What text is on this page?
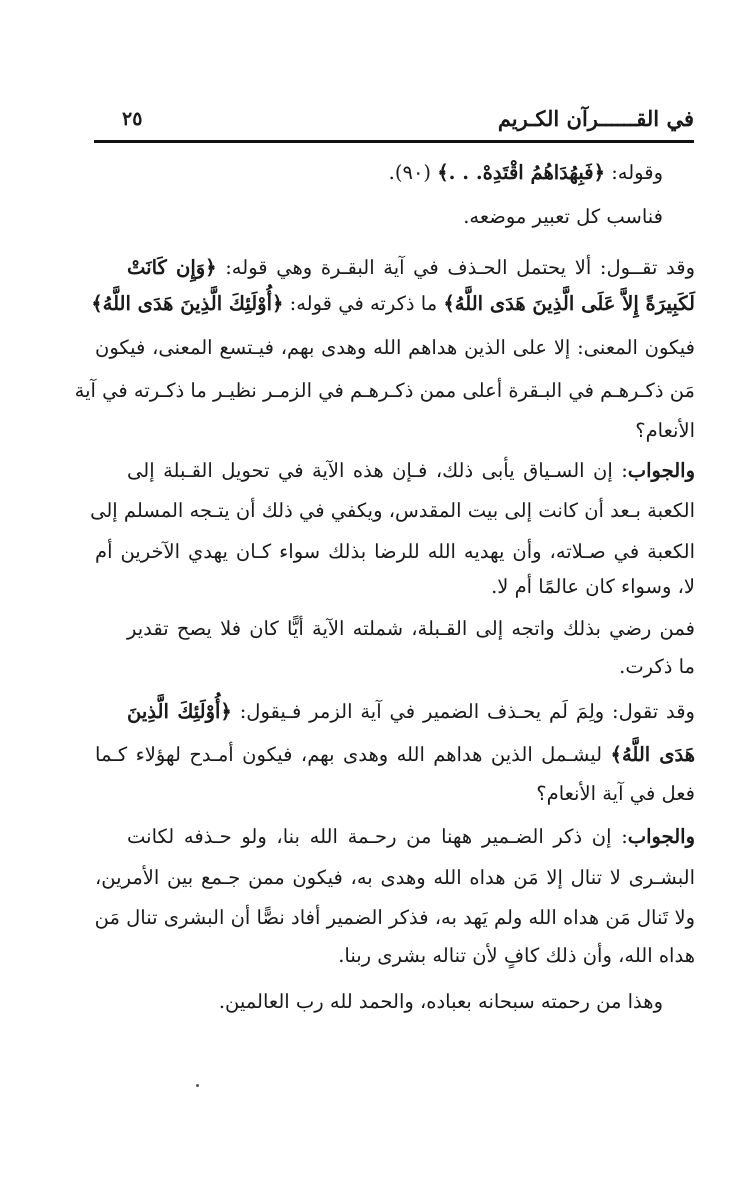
في القــــــرآن الكـريم
٢٥
وقوله: ﴿فَبِهُدَاهُمُ اقْتَدِهْ. . .﴾ (٩٠).
فناسب كل تعبير موضعه.
وقد تقــول: ألا يحتمل الحـذف في آية البقـرة وهي قوله: ﴿وَإِن كَانَتْ
لَكَبِيرَةً إِلاَّ عَلَى الَّذِينَ هَدَى اللَّهُ﴾ ما ذكرته في قوله: ﴿أُوْلَئِكَ الَّذِينَ هَدَى اللَّهُ﴾
فيكون المعنى: إلا على الذين هداهم الله وهدى بهم، فيـتسع المعنى، فيكون
مَن ذكـرهـم في البـقرة أعلى ممن ذكـرهـم في الزمـر نظيـر ما ذكـرته في آية
الأنعام؟
والجواب: إن السـياق يأبى ذلك، فـإن هذه الآية في تحويل القـبلة إلى
الكعبة بـعد أن كانت إلى بيت المقدس، ويكفي في ذلك أن يتـجه المسلم إلى
الكعبة في صـلاته، وأن يهديه الله للرضا بذلك سواء كـان يهدي الآخرين أم
لا، وسواء كان عالمًا أم لا.
فمن رضي بذلك واتجه إلى القـبلة، شملته الآية أيًّا كان فلا يصح تقدير
ما ذكرت.
وقد تقول: ولِمَ لَم يحـذف الضمير في آية الزمر فـيقول: ﴿أُوْلَئِكَ الَّذِينَ
هَدَى اللَّهُ﴾ ليشـمل الذين هداهم الله وهدى بهم، فيكون أمـدح لهؤلاء كـما
فعل في آية الأنعام؟
والجواب: إن ذكر الضـمير ههنا من رحـمة الله بنا، ولو حـذفه لكانت
البشـرى لا تنال إلا مَن هداه الله وهدى به، فيكون ممن جـمع بين الأمرين،
ولا تَنال مَن هداه الله ولم يَهد به، فذكر الضمير أفاد نصًّا أن البشرى تنال مَن
هداه الله، وأن ذلك كافٍ لأن تناله بشرى ربنا.
وهذا من رحمته سبحانه بعباده، والحمد لله رب العالمين.
